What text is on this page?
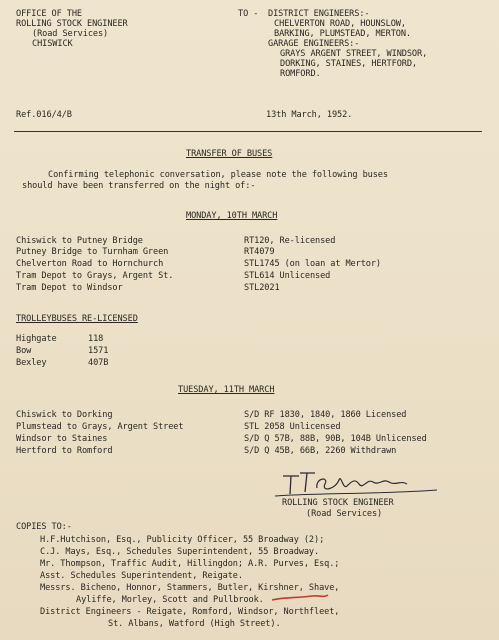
OFFICE OF THE
ROLLING STOCK ENGINEER
(Road Services)
CHISWICK
TO - DISTRICT ENGINEERS:-
CHELVERTON ROAD, HOUNSLOW,
BARKING, PLUMSTEAD, MERTON.
GARAGE ENGINEERS:-
GRAYS ARGENT STREET, WINDSOR,
DORKING, STAINES, HERTFORD,
ROMFORD.
Ref.016/4/B	13th March, 1952.
TRANSFER OF BUSES
Confirming telephonic conversation, please note the following buses
should have been transferred on the night of:-
MONDAY, 10TH MARCH
Chiswick to Putney Bridge	RT120, Re-licensed
Putney Bridge to Turnham Green	RT4079
Chelverton Road to Hornchurch	STL1745 (on loan at Mertor)
Tram Depot to Grays, Argent St.	STL614 Unlicensed
Tram Depot to Windsor	STL2021
TROLLEYBUSES RE-LICENSED
Highgate	118
Bow	1571
Bexley	407B
TUESDAY, 11TH MARCH
Chiswick to Dorking	S/D RF 1830, 1840, 1860 Licensed
Plumstead to Grays, Argent Street	STL 2058 Unlicensed
Windsor to Staines	S/D Q 57B, 88B, 90B, 104B Unlicensed
Hertford to Romford	S/D Q 45B, 66B, 2260 Withdrawn
ROLLING STOCK ENGINEER
(Road Services)
COPIES TO:-
H.F.Hutchison, Esq., Publicity Officer, 55 Broadway (2);
C.J. Mays, Esq., Schedules Superintendent, 55 Broadway.
Mr. Thompson, Traffic Audit, Hillingdon; A.R. Purves, Esq.;
Asst. Schedules Superintendent, Reigate.
Messrs. Bicheno, Honnor, Stammers, Butler, Kirshner, Shave,
Ayliffe, Morley, Scott and Pullbrook.
District Engineers - Reigate, Romford, Windsor, Northfleet,
St. Albans, Watford (High Street).
